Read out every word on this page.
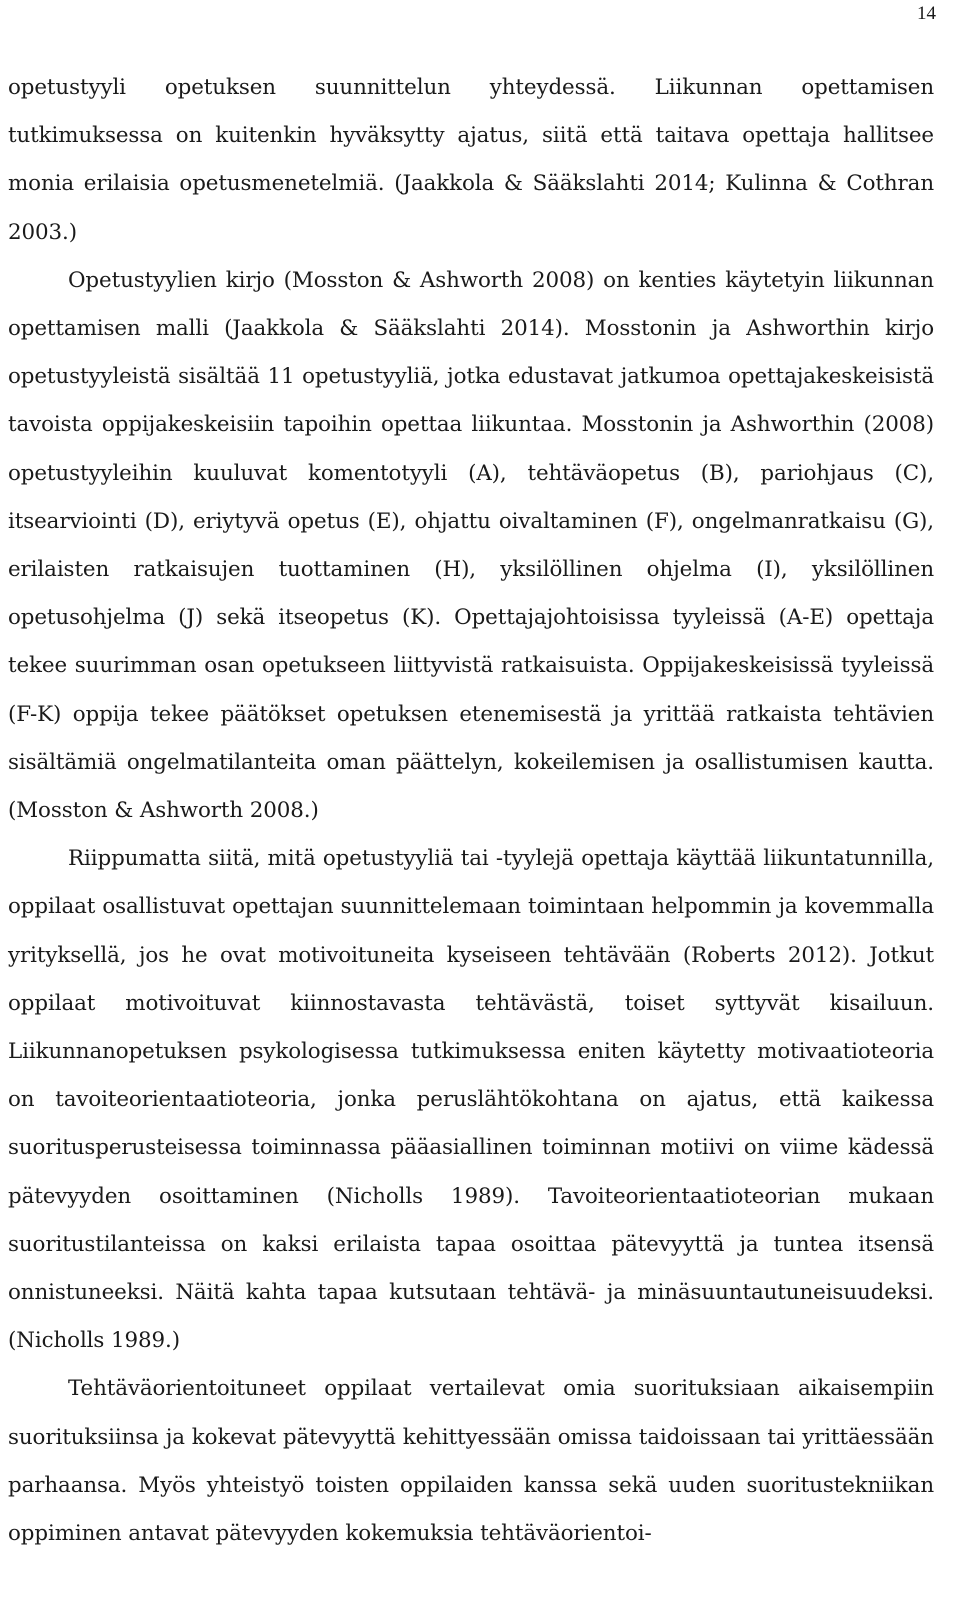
14

opetustyyli opetuksen suunnittelun yhteydessä. Liikunnan opettamisen tutkimuksessa on kuitenkin hyväksytty ajatus, siitä että taitava opettaja hallitsee monia erilaisia opetusmenetelmiä. (Jaakkola & Sääkslahti 2014; Kulinna & Cothran 2003.)

Opetustyylien kirjo (Mosston & Ashworth 2008) on kenties käytetyin liikunnan opettamisen malli (Jaakkola & Sääkslahti 2014). Mosstonin ja Ashworthin kirjo opetustyyleistä sisältää 11 opetustyyliä, jotka edustavat jatkumoa opettajakeskeisistä tavoista oppijakeskeisiin tapoihin opettaa liikuntaa. Mosstonin ja Ashworthin (2008) opetustyyleihin kuuluvat komentotyyli (A), tehtäväopetus (B), pariohjaus (C), itsearviointi (D), eriytyvä opetus (E), ohjattu oivaltaminen (F), ongelmanratkaisu (G), erilaisten ratkaisujen tuottaminen (H), yksilöllinen ohjelma (I), yksilöllinen opetusohjelma (J) sekä itseopetus (K). Opettajajohtoisissa tyyleissä (A-E) opettaja tekee suurimman osan opetukseen liittyvistä ratkaisuista. Oppijakeskeisissä tyyleissä (F-K) oppija tekee päätökset opetuksen etenemisestä ja yrittää ratkaista tehtävien sisältämiä ongelmatilanteita oman päättelyn, kokeilemisen ja osallistumisen kautta. (Mosston & Ashworth 2008.)

Riippumatta siitä, mitä opetustyyliä tai -tyylejä opettaja käyttää liikuntatunnilla, oppilaat osallistuvat opettajan suunnittelemaan toimintaan helpommin ja kovemmalla yrityksellä, jos he ovat motivoituneita kyseiseen tehtävään (Roberts 2012). Jotkut oppilaat motivoituvat kiinnostavasta tehtävästä, toiset syttyvät kisailuun. Liikunnanopetuksen psykologisessa tutkimuksessa eniten käytetty motivaatioteoria on tavoiteorientaatioteoria, jonka peruslähtökohtana on ajatus, että kaikessa suoritusperusteisessa toiminnassa pääasiallinen toiminnan motiivi on viime kädessä pätevyyden osoittaminen (Nicholls 1989). Tavoiteorientaatioteorian mukaan suoritustilanteissa on kaksi erilaista tapaa osoittaa pätevyyttä ja tuntea itsensä onnistuneeksi. Näitä kahta tapaa kutsutaan tehtävä- ja minäsuuntautuneisuudeksi. (Nicholls 1989.)

Tehtäväorientoituneet oppilaat vertailevat omia suorituksiaan aikaisempiin suorituksiinsa ja kokevat pätevyyttä kehittyessään omissa taidoissaan tai yrittäessään parhaansa. Myös yhteistyö toisten oppilaiden kanssa sekä uuden suoritustekniikan oppiminen antavat pätevyyden kokemuksia tehtäväorientoi-
